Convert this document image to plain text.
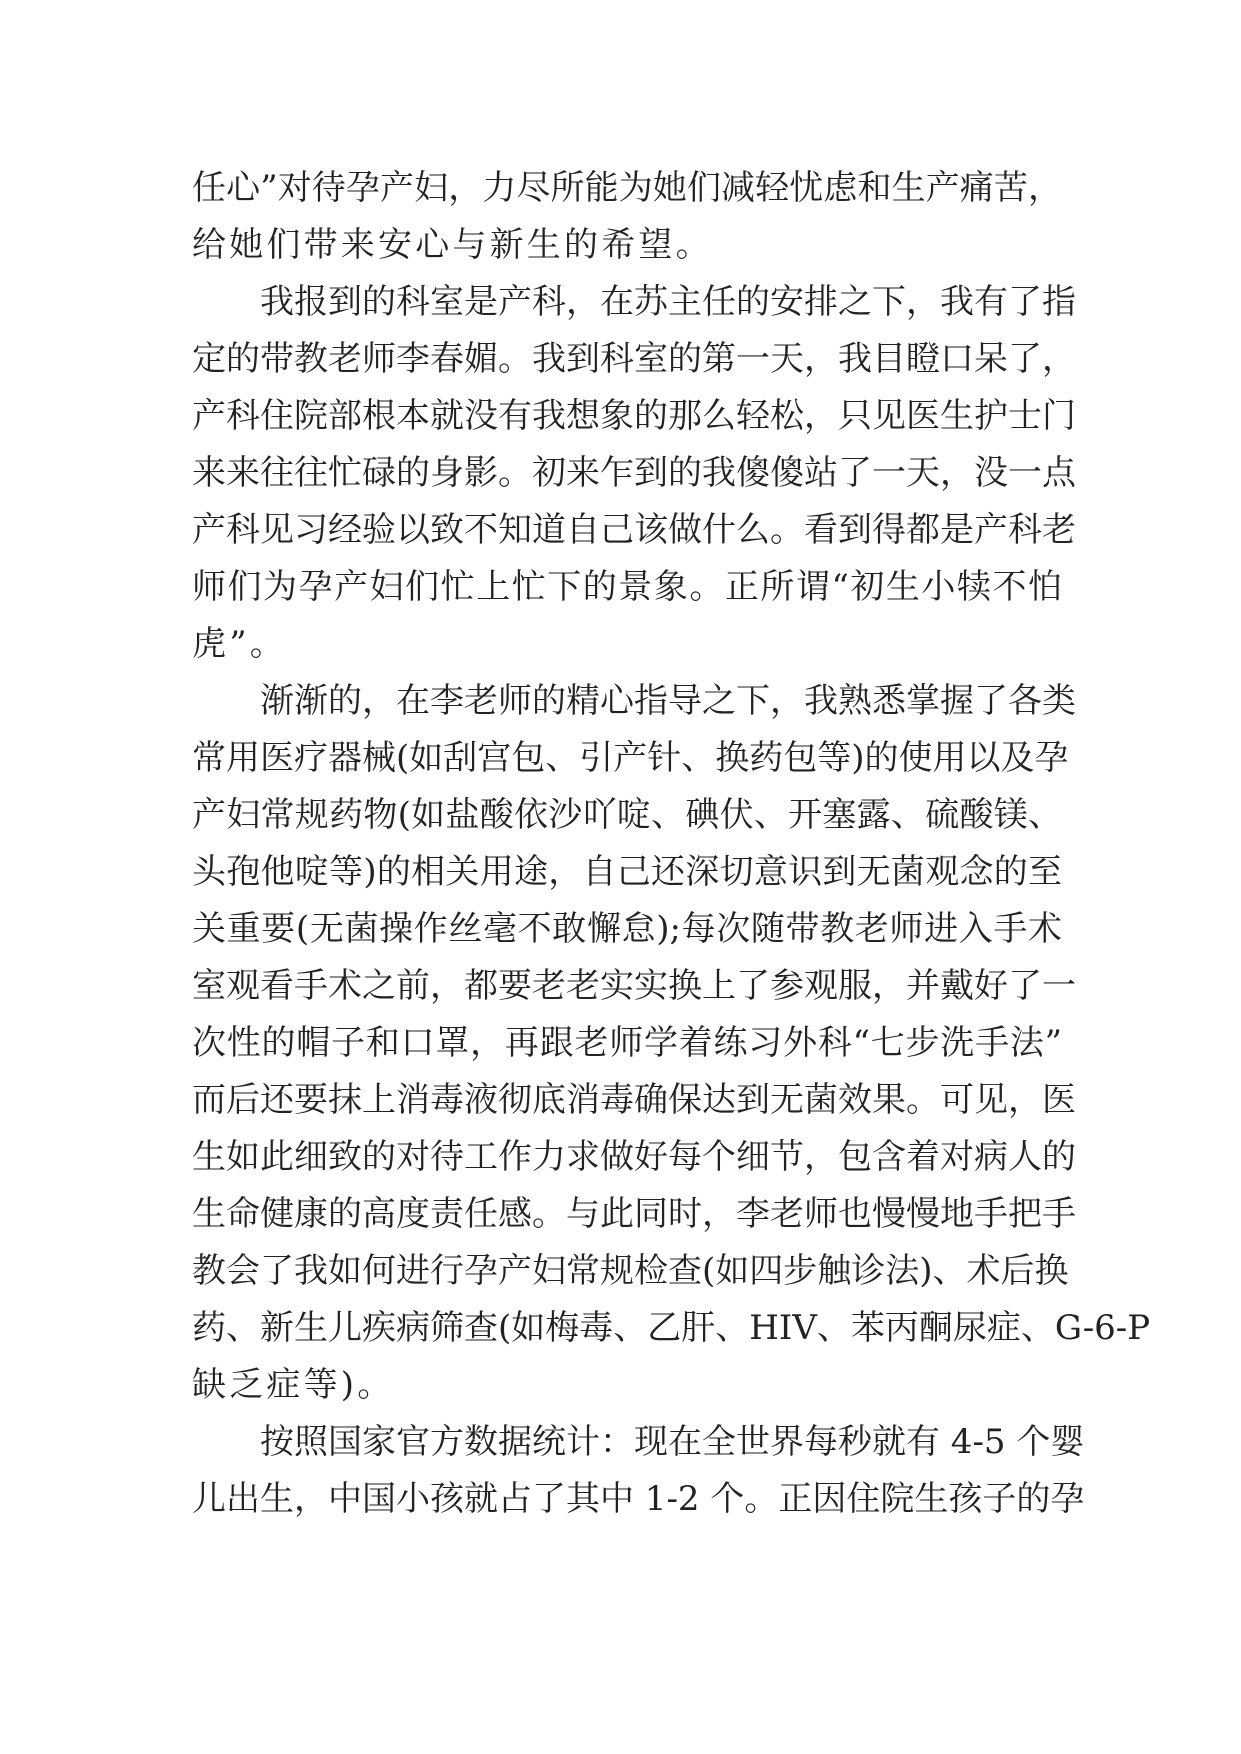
任心”对待孕产妇，力尽所能为她们减轻忧虑和生产痛苦，
给她们带来安心与新生的希望。
我报到的科室是产科，在苏主任的安排之下，我有了指
定的带教老师李春媚。我到科室的第一天，我目瞪口呆了，
产科住院部根本就没有我想象的那么轻松，只见医生护士门
来来往往忙碌的身影。初来乍到的我傻傻站了一天，没一点
产科见习经验以致不知道自己该做什么。看到得都是产科老
师们为孕产妇们忙上忙下的景象。正所谓“初生小犊不怕
虎”。
渐渐的，在李老师的精心指导之下，我熟悉掌握了各类
常用医疗器械(如刮宫包、引产针、换药包等)的使用以及孕
产妇常规药物(如盐酸依沙吖啶、碘伏、开塞露、硫酸镁、
头孢他啶等)的相关用途，自己还深切意识到无菌观念的至
关重要(无菌操作丝毫不敢懈怠);每次随带教老师进入手术
室观看手术之前，都要老老实实换上了参观服，并戴好了一
次性的帽子和口罩，再跟老师学着练习外科“七步洗手法”
而后还要抹上消毒液彻底消毒确保达到无菌效果。可见，医
生如此细致的对待工作力求做好每个细节，包含着对病人的
生命健康的高度责任感。与此同时，李老师也慢慢地手把手
教会了我如何进行孕产妇常规检查(如四步触诊法)、术后换
药、新生儿疾病筛查(如梅毒、乙肝、HIV、苯丙酮尿症、G-6-P
缺乏症等)。
按照国家官方数据统计：现在全世界每秒就有 4-5 个婴
儿出生，中国小孩就占了其中 1-2 个。正因住院生孩子的孕
